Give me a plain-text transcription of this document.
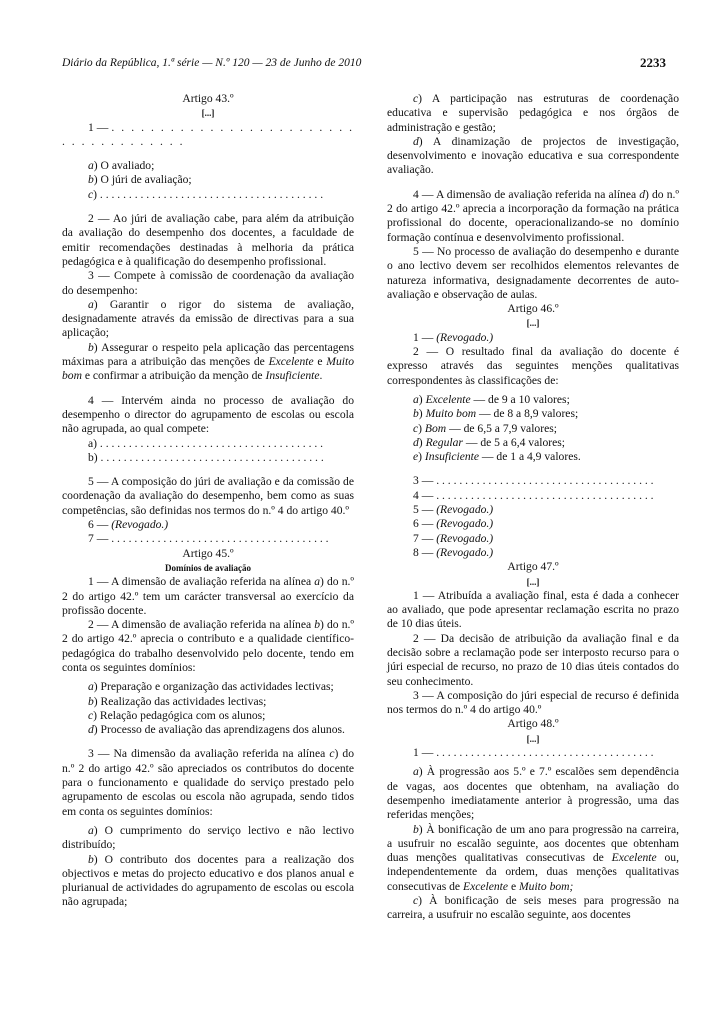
Diário da República, 1.ª série — N.º 120 — 23 de Junho de 2010	2233

Artigo 43.º

[...]

1 — . . . . . . . . . . . . . . . . . . . . . . . . . . . . . . . . . . . . . .

a) O avaliado;

b) O júri de avaliação;

c) . . . . . . . . . . . . . . . . . . . . . . . . . . . . . . . . . . . . . . .

2 — Ao júri de avaliação cabe, para além da atribuição da avaliação do desempenho dos docentes, a faculdade de emitir recomendações destinadas à melhoria da prática pedagógica e à qualificação do desempenho profissional.

3 — Compete à comissão de coordenação da avaliação do desempenho:

a) Garantir o rigor do sistema de avaliação, designadamente através da emissão de directivas para a sua aplicação;

b) Assegurar o respeito pela aplicação das percentagens máximas para a atribuição das menções de Excelente e Muito bom e confirmar a atribuição da menção de Insuficiente.

4 — Intervém ainda no processo de avaliação do desempenho o director do agrupamento de escolas ou escola não agrupada, ao qual compete:

a) . . . . . . . . . . . . . . . . . . . . . . . . . . . . . . . . . . . . . . .

b) . . . . . . . . . . . . . . . . . . . . . . . . . . . . . . . . . . . . . . .

5 — A composição do júri de avaliação e da comissão de coordenação da avaliação do desempenho, bem como as suas competências, são definidas nos termos do n.º 4 do artigo 40.º

6 — (Revogado.)

7 — . . . . . . . . . . . . . . . . . . . . . . . . . . . . . . . . . . . . . .

Artigo 45.º

Domínios de avaliação

1 — A dimensão de avaliação referida na alínea a) do n.º 2 do artigo 42.º tem um carácter transversal ao exercício da profissão docente.

2 — A dimensão de avaliação referida na alínea b) do n.º 2 do artigo 42.º aprecia o contributo e a qualidade científico-pedagógica do trabalho desenvolvido pelo docente, tendo em conta os seguintes domínios:

a) Preparação e organização das actividades lectivas;

b) Realização das actividades lectivas;

c) Relação pedagógica com os alunos;

d) Processo de avaliação das aprendizagens dos alunos.

3 — Na dimensão da avaliação referida na alínea c) do n.º 2 do artigo 42.º são apreciados os contributos do docente para o funcionamento e qualidade do serviço prestado pelo agrupamento de escolas ou escola não agrupada, sendo tidos em conta os seguintes domínios:

a) O cumprimento do serviço lectivo e não lectivo distribuído;

b) O contributo dos docentes para a realização dos objectivos e metas do projecto educativo e dos planos anual e plurianual de actividades do agrupamento de escolas ou escola não agrupada;

c) A participação nas estruturas de coordenação educativa e supervisão pedagógica e nos órgãos de administração e gestão;

d) A dinamização de projectos de investigação, desenvolvimento e inovação educativa e sua correspondente avaliação.

4 — A dimensão de avaliação referida na alínea d) do n.º 2 do artigo 42.º aprecia a incorporação da formação na prática profissional do docente, operacionalizando-se no domínio formação contínua e desenvolvimento profissional.

5 — No processo de avaliação do desempenho e durante o ano lectivo devem ser recolhidos elementos relevantes de natureza informativa, designadamente decorrentes de auto-avaliação e observação de aulas.

Artigo 46.º

[...]

1 — (Revogado.)

2 — O resultado final da avaliação do docente é expresso através das seguintes menções qualitativas correspondentes às classificações de:

a) Excelente — de 9 a 10 valores;

b) Muito bom — de 8 a 8,9 valores;

c) Bom — de 6,5 a 7,9 valores;

d) Regular — de 5 a 6,4 valores;

e) Insuficiente — de 1 a 4,9 valores.

3 — . . . . . . . . . . . . . . . . . . . . . . . . . . . . . . . . . . . . . .

4 — . . . . . . . . . . . . . . . . . . . . . . . . . . . . . . . . . . . . . .

5 — (Revogado.)

6 — (Revogado.)

7 — (Revogado.)

8 — (Revogado.)

Artigo 47.º

[...]

1 — Atribuída a avaliação final, esta é dada a conhecer ao avaliado, que pode apresentar reclamação escrita no prazo de 10 dias úteis.

2 — Da decisão de atribuição da avaliação final e da decisão sobre a reclamação pode ser interposto recurso para o júri especial de recurso, no prazo de 10 dias úteis contados do seu conhecimento.

3 — A composição do júri especial de recurso é definida nos termos do n.º 4 do artigo 40.º

Artigo 48.º

[...]

1 — . . . . . . . . . . . . . . . . . . . . . . . . . . . . . . . . . . . . . .

a) À progressão aos 5.º e 7.º escalões sem dependência de vagas, aos docentes que obtenham, na avaliação do desempenho imediatamente anterior à progressão, uma das referidas menções;

b) À bonificação de um ano para progressão na carreira, a usufruir no escalão seguinte, aos docentes que obtenham duas menções qualitativas consecutivas de Excelente ou, independentemente da ordem, duas menções qualitativas consecutivas de Excelente e Muito bom;

c) À bonificação de seis meses para progressão na carreira, a usufruir no escalão seguinte, aos docentes
